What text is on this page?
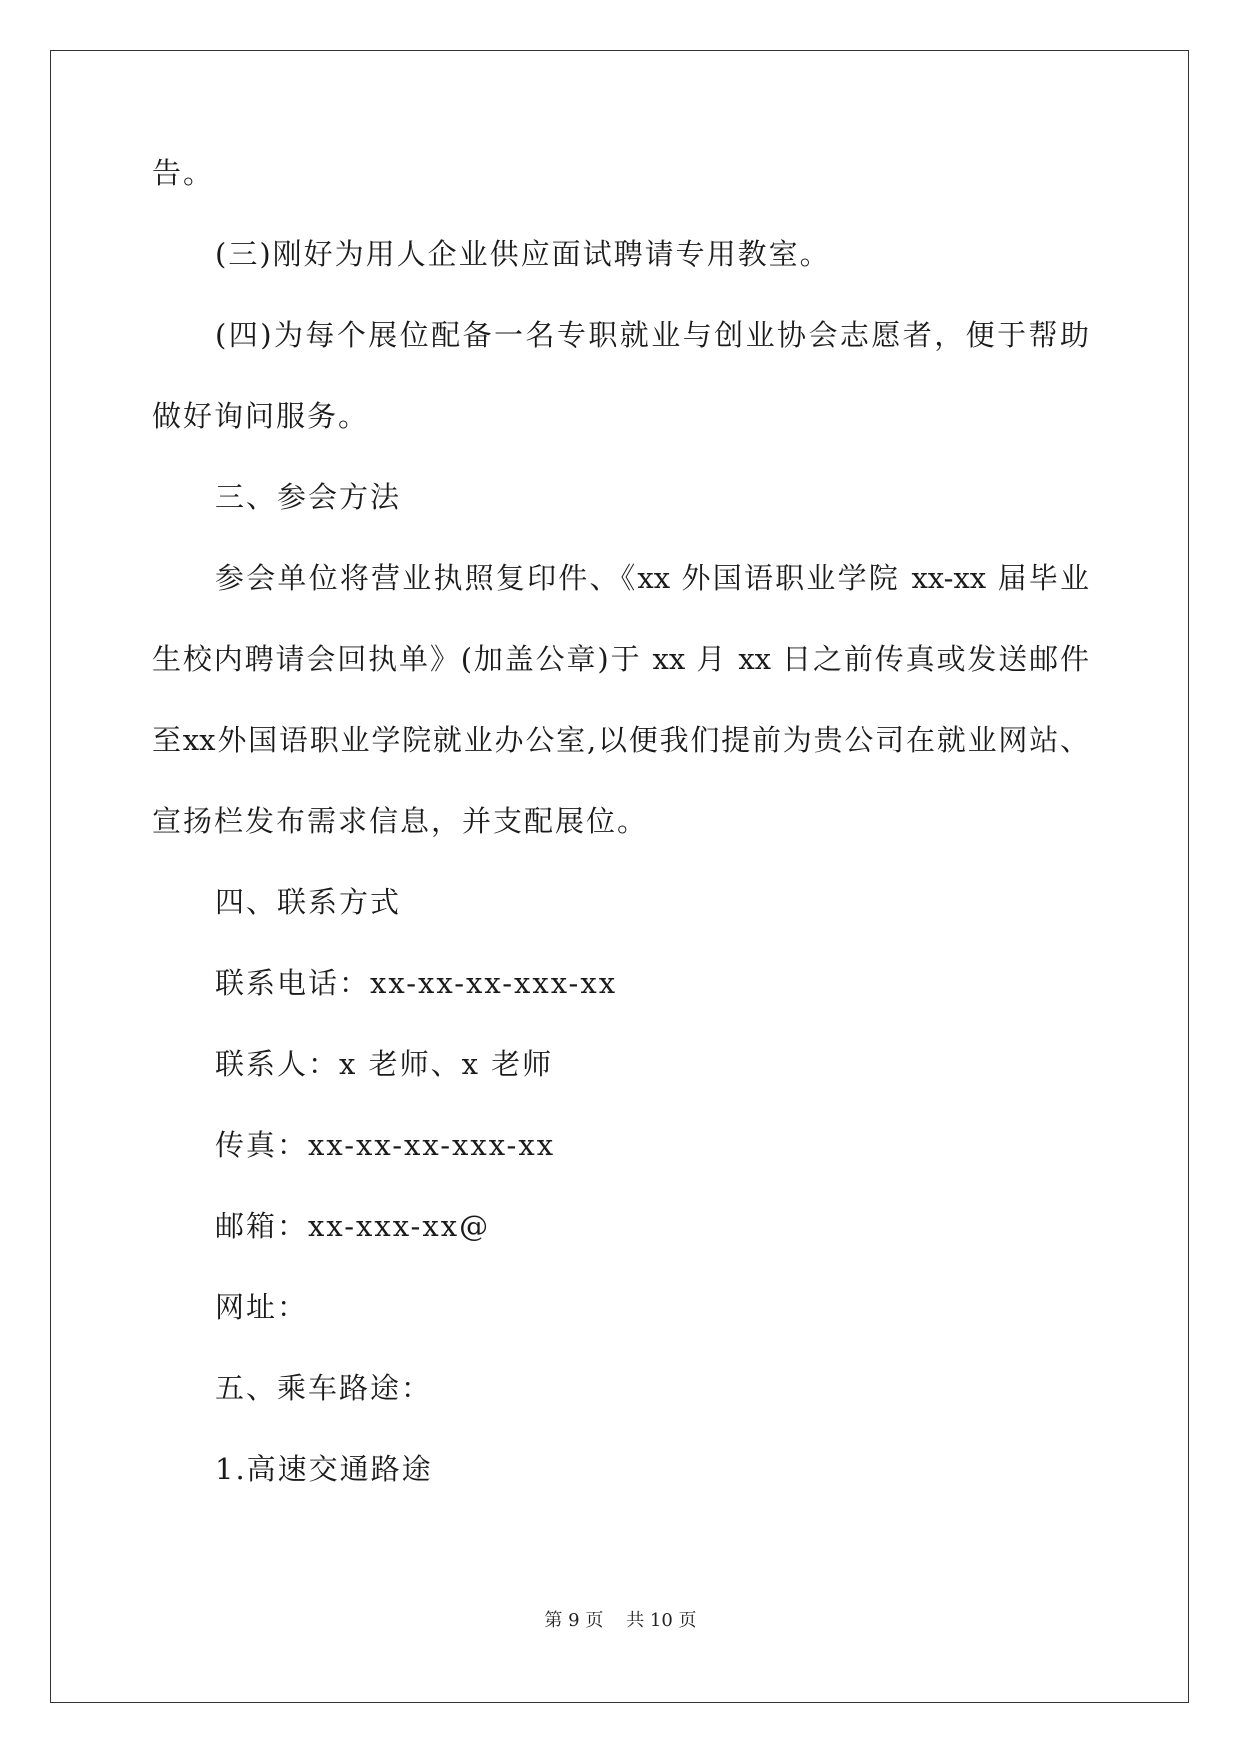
告。
(三)刚好为用人企业供应面试聘请专用教室。
(四)为每个展位配备一名专职就业与创业协会志愿者，便于帮助
做好询问服务。
三、参会方法
参会单位将营业执照复印件、《xx 外国语职业学院 xx-xx 届毕业
生校内聘请会回执单》(加盖公章)于 xx 月 xx 日之前传真或发送邮件
至xx外国语职业学院就业办公室,以便我们提前为贵公司在就业网站、
宣扬栏发布需求信息，并支配展位。
四、联系方式
联系电话：xx-xx-xx-xxx-xx
联系人：x 老师、x 老师
传真：xx-xx-xx-xxx-xx
邮箱：xx-xxx-xx@
网址：
五、乘车路途：
1.高速交通路途
第 9 页    共 10 页
